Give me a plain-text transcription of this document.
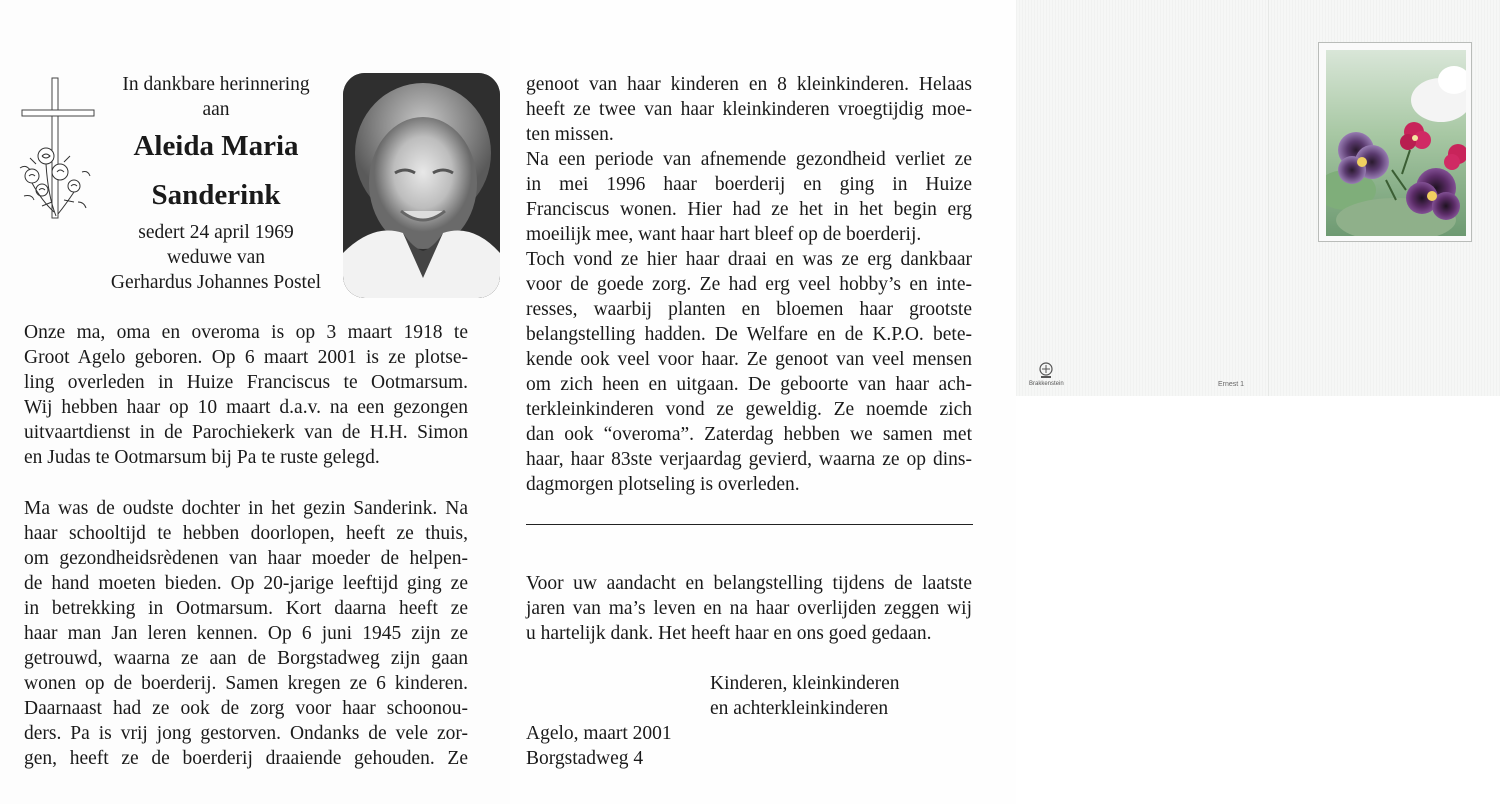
In dankbare herinnering
aan
Aleida Maria
Sanderink
sedert 24 april 1969
weduwe van
Gerhardus Johannes Postel
Onze ma, oma en overoma is op 3 maart 1918 te
Groot Agelo geboren. Op 6 maart 2001 is ze plotse-
ling overleden in Huize Franciscus te Ootmarsum.
Wij hebben haar op 10 maart d.a.v. na een gezongen
uitvaartdienst in de Parochiekerk van de H.H. Simon
en Judas te Ootmarsum bij Pa te ruste gelegd.
Ma was de oudste dochter in het gezin Sanderink. Na
haar schooltijd te hebben doorlopen, heeft ze thuis,
om gezondheidsrèdenen van haar moeder de helpen-
de hand moeten bieden. Op 20-jarige leeftijd ging ze
in betrekking in Ootmarsum. Kort daarna heeft ze
haar man Jan leren kennen. Op 6 juni 1945 zijn ze
getrouwd, waarna ze aan de Borgstadweg zijn gaan
wonen op de boerderij. Samen kregen ze 6 kinderen.
Daarnaast had ze ook de zorg voor haar schoonou-
ders. Pa is vrij jong gestorven. Ondanks de vele zor-
gen, heeft ze de boerderij draaiende gehouden. Ze
genoot van haar kinderen en 8 kleinkinderen. Helaas
heeft ze twee van haar kleinkinderen vroegtijdig moe-
ten missen.
Na een periode van afnemende gezondheid verliet ze
in mei 1996 haar boerderij en ging in Huize
Franciscus wonen. Hier had ze het in het begin erg
moeilijk mee, want haar hart bleef op de boerderij.
Toch vond ze hier haar draai en was ze erg dankbaar
voor de goede zorg. Ze had erg veel hobby’s en inte-
resses, waarbij planten en bloemen haar grootste
belangstelling hadden. De Welfare en de K.P.O. bete-
kende ook veel voor haar. Ze genoot van veel mensen
om zich heen en uitgaan. De geboorte van haar ach-
terkleinkinderen vond ze geweldig. Ze noemde zich
dan ook “overoma”. Zaterdag hebben we samen met
haar, haar 83ste verjaardag gevierd, waarna ze op dins-
dagmorgen plotseling is overleden.
Voor uw aandacht en belangstelling tijdens de laatste
jaren van ma’s leven en na haar overlijden zeggen wij
u hartelijk dank. Het heeft haar en ons goed gedaan.
Kinderen, kleinkinderen
en achterkleinkinderen
Agelo, maart 2001
Borgstadweg 4
Brakkenstein	Ernest 1
